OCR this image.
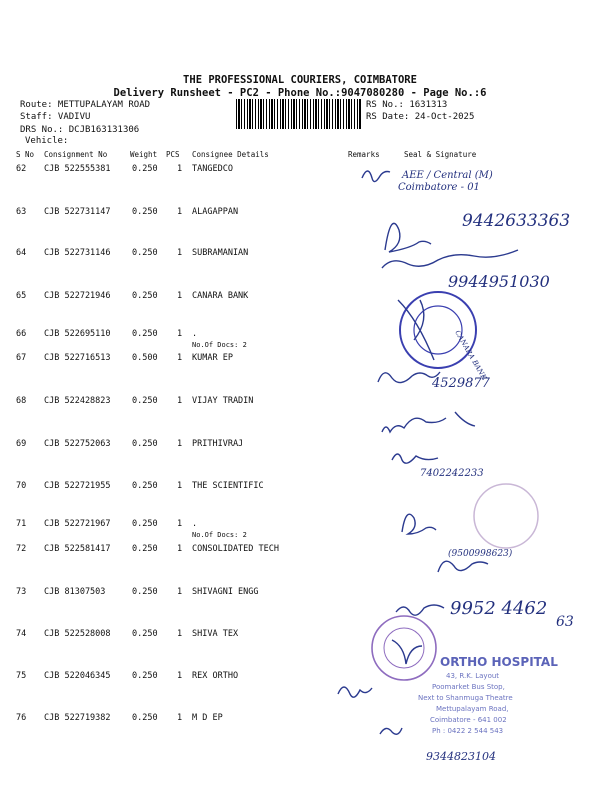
THE PROFESSIONAL COURIERS, COIMBATORE
Delivery Runsheet - PC2 - Phone No.:9047080280 - Page No.:6
Route: METTUPALAYAM ROAD
Staff: VADIVU
DRS No.: DCJB163131306
Vehicle:
RS No.: 1631313
RS Date: 24-Oct-2025
S No Consignment No	Weight PCS Consignee Details	Remarks	Seal & Signature
62 CJB 522555381	0.250 1 TANGEDCO
63 CJB 522731147	0.250 1 ALAGAPPAN
64 CJB 522731146	0.250 1 SUBRAMANIAN
65 CJB 522721946	0.250 1 CANARA BANK
66 CJB 522695110	0.250 1 .
No.Of Docs: 2
67 CJB 522716513	0.500 1 KUMAR EP
68 CJB 522428823	0.250 1 VIJAY TRADIN
69 CJB 522752063	0.250 1 PRITHIVRAJ
70 CJB 522721955	0.250 1 THE SCIENTIFIC
71 CJB 522721967	0.250 1 .
No.Of Docs: 2
72 CJB 522581417	0.250 1 CONSOLIDATED TECH
73 CJB 81307503	0.250 1 SHIVAGNI ENGG
74 CJB 522528008	0.250 1 SHIVA TEX
75 CJB 522046345	0.250 1 REX ORTHO
76 CJB 522719382	0.250 1 M D EP
AEE / Central (M)
Coimbatore - 01
9442633363
9944951030
CANARA BANK
4529877
7402242233
(9500998623)
9952 4462
63
ORTHO HOSPITAL
43, R.K. Layout
Poomarket Bus Stop,
Next to Shanmuga Theatre
Mettupalayam Road,
Coimbatore - 641 002
Ph : 0422 2 544 543
9344823104
